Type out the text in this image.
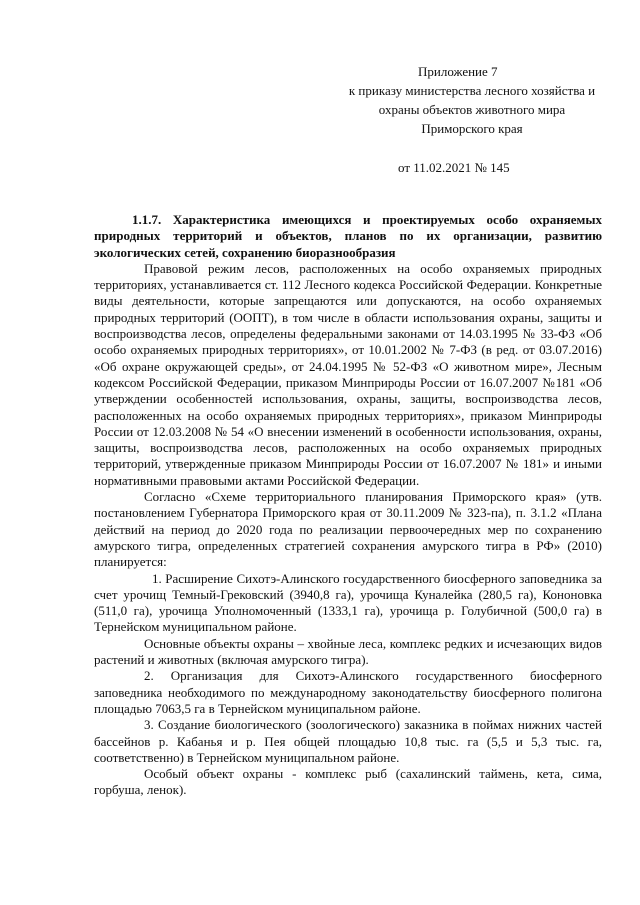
Приложение 7
к приказу министерства лесного хозяйства и
охраны объектов животного мира
Приморского края
от 11.02.2021 № 145

1.1.7. Характеристика имеющихся и проектируемых особо охраняемых природных территорий и объектов, планов по их организации, развитию экологических сетей, сохранению биоразнообразия

Правовой режим лесов, расположенных на особо охраняемых природных территориях, устанавливается ст. 112 Лесного кодекса Российской Федерации. Конкретные виды деятельности, которые запрещаются или допускаются, на особо охраняемых природных территорий (ООПТ), в том числе в области использования охраны, защиты и воспроизводства лесов, определены федеральными законами от 14.03.1995 № 33-ФЗ «Об особо охраняемых природных территориях», от 10.01.2002 № 7-ФЗ (в ред. от 03.07.2016) «Об охране окружающей среды», от 24.04.1995 № 52-ФЗ «О животном мире», Лесным кодексом Российской Федерации, приказом Минприроды России от 16.07.2007 №181 «Об утверждении особенностей использования, охраны, защиты, воспроизводства лесов, расположенных на особо охраняемых природных территориях», приказом Минприроды России от 12.03.2008 № 54 «О внесении изменений в особенности использования, охраны, защиты, воспроизводства лесов, расположенных на особо охраняемых природных территорий, утвержденные приказом Минприроды России от 16.07.2007 № 181» и иными нормативными правовыми актами Российской Федерации.

Согласно «Схеме территориального планирования Приморского края» (утв. постановлением Губернатора Приморского края от 30.11.2009 № 323-па), п. 3.1.2 «Плана действий на период до 2020 года по реализации первоочередных мер по сохранению амурского тигра, определенных стратегией сохранения амурского тигра в РФ» (2010) планируется:

1. Расширение Сихотэ-Алинского государственного биосферного заповедника за счет урочищ Темный-Грековский (3940,8 га), урочища Куналейка (280,5 га), Кононовка (511,0 га), урочища Уполномоченный (1333,1 га), урочища р. Голубичной (500,0 га) в Тернейском муниципальном районе.

Основные объекты охраны – хвойные леса, комплекс редких и исчезающих видов растений и животных (включая амурского тигра).

2. Организация для Сихотэ-Алинского государственного биосферного заповедника необходимого по международному законодательству биосферного полигона площадью 7063,5 га в Тернейском муниципальном районе.

3. Создание биологического (зоологического) заказника в поймах нижних частей бассейнов р. Кабанья и р. Пея общей площадью 10,8 тыс. га (5,5 и 5,3 тыс. га, соответственно) в Тернейском муниципальном районе.

Особый объект охраны - комплекс рыб (сахалинский таймень, кета, сима, горбуша, ленок).
